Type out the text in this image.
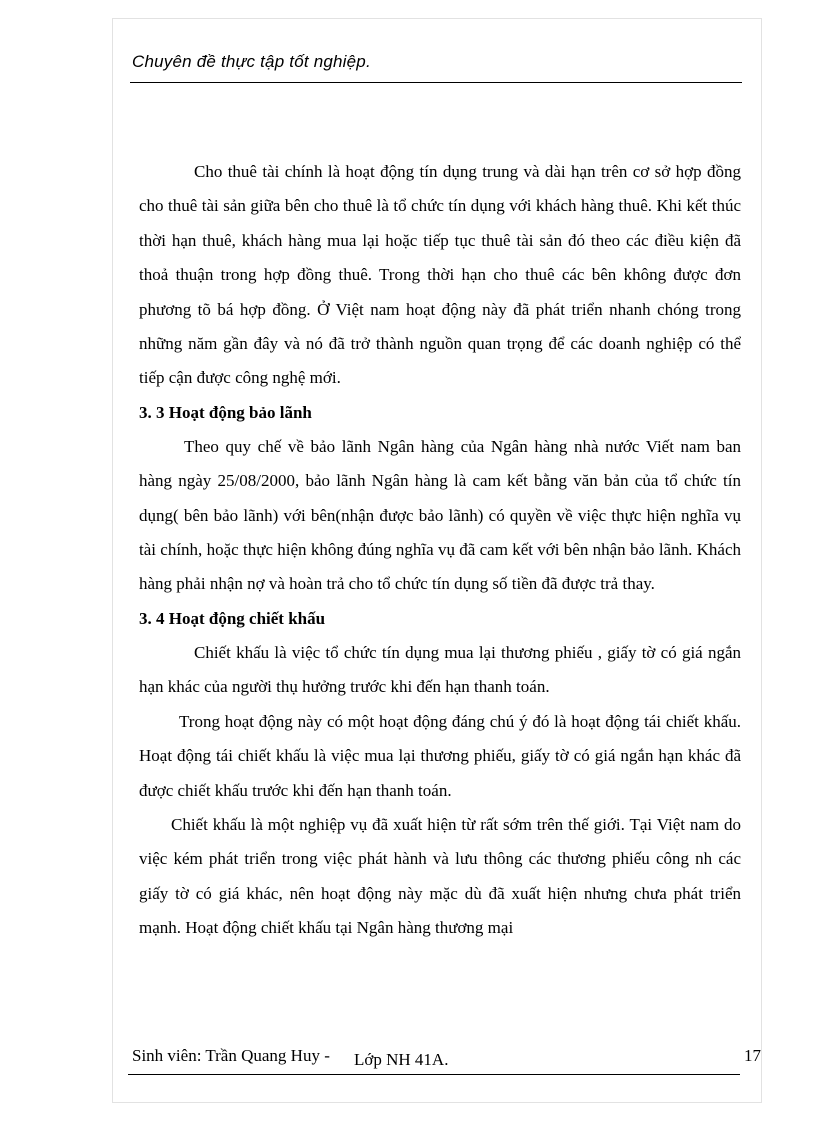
Chuyên đề thực tập tốt nghiệp.

Cho thuê tài chính là hoạt động tín dụng trung và dài hạn trên cơ sở hợp đồng cho thuê tài sản giữa bên cho thuê là tổ chức tín dụng với khách hàng thuê. Khi kết thúc thời hạn thuê, khách hàng mua lại hoặc tiếp tục thuê tài sản đó theo các điều kiện đã thoả thuận trong hợp đồng thuê. Trong thời hạn cho thuê các bên không được đơn phương tõ bá hợp đồng. Ở Việt nam hoạt động này đã phát triển nhanh chóng trong những năm gần đây và nó đã trở thành nguồn quan trọng để các doanh nghiệp có thể tiếp cận được công nghệ mới.

3. 3 Hoạt động bảo lãnh

Theo quy chế về bảo lãnh Ngân hàng của Ngân hàng nhà nước Viết nam ban hàng ngày 25/08/2000, bảo lãnh Ngân hàng là cam kết bằng văn bản của tổ chức tín dụng( bên bảo lãnh) với bên(nhận được bảo lãnh) có quyền về việc thực hiện nghĩa vụ tài chính, hoặc thực hiện không đúng nghĩa vụ đã cam kết với bên nhận bảo lãnh. Khách hàng phải nhận nợ và hoàn trả cho tổ chức tín dụng số tiền đã được trả thay.

3. 4 Hoạt động chiết khấu

Chiết khấu là việc tổ chức tín dụng mua lại thương phiếu , giấy tờ có giá ngắn hạn khác của người thụ hưởng trước khi đến hạn thanh toán.

Trong hoạt động này có một hoạt động đáng chú ý đó là hoạt động tái chiết khấu. Hoạt động tái chiết khấu là việc mua lại thương phiếu, giấy tờ có giá ngắn hạn khác đã được chiết khấu trước khi đến hạn thanh toán.

Chiết khấu là một nghiệp vụ đã xuất hiện từ rất sớm trên thế giới. Tại Việt nam do việc kém phát triển trong việc phát hành và lưu thông các thương phiếu công nh các giấy tờ có giá khác, nên hoạt động này mặc dù đã xuất hiện nhưng chưa phát triển mạnh. Hoạt động chiết khấu tại Ngân hàng thương mại

Sinh viên: Trần Quang Huy - Lớp NH 41A.	17
